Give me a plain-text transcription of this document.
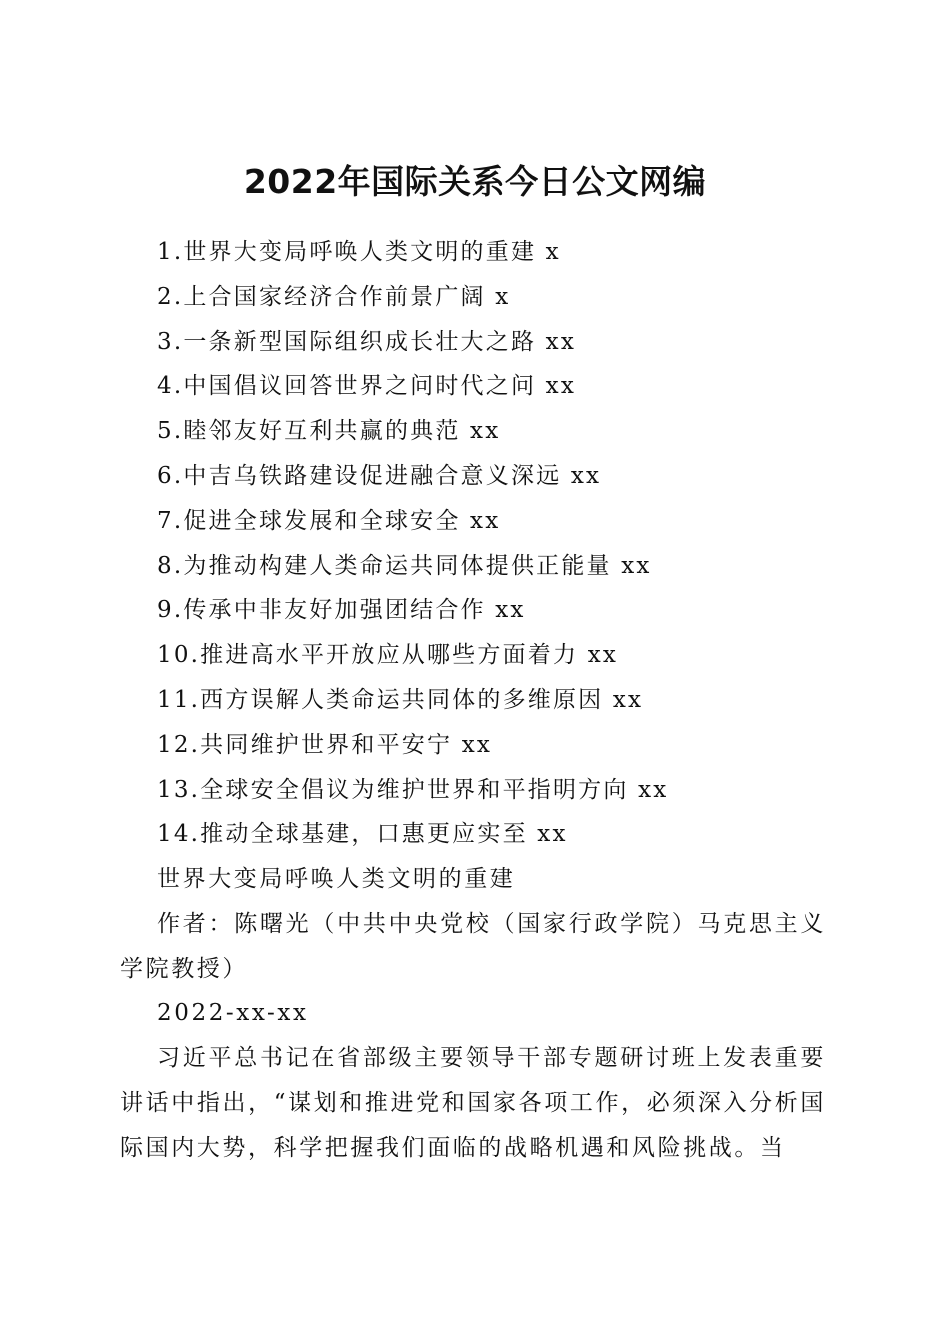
2022年国际关系今日公文网编
1.世界大变局呼唤人类文明的重建 x
2.上合国家经济合作前景广阔 x
3.一条新型国际组织成长壮大之路 xx
4.中国倡议回答世界之问时代之问 xx
5.睦邻友好互利共赢的典范 xx
6.中吉乌铁路建设促进融合意义深远 xx
7.促进全球发展和全球安全 xx
8.为推动构建人类命运共同体提供正能量 xx
9.传承中非友好加强团结合作 xx
10.推进高水平开放应从哪些方面着力 xx
11.西方误解人类命运共同体的多维原因 xx
12.共同维护世界和平安宁 xx
13.全球安全倡议为维护世界和平指明方向 xx
14.推动全球基建，口惠更应实至 xx

世界大变局呼唤人类文明的重建

作者：陈曙光（中共中央党校（国家行政学院）马克思主义学院教授）

2022-xx-xx

习近平总书记在省部级主要领导干部专题研讨班上发表重要讲话中指出，“谋划和推进党和国家各项工作，必须深入分析国际国内大势，科学把握我们面临的战略机遇和风险挑战。当
